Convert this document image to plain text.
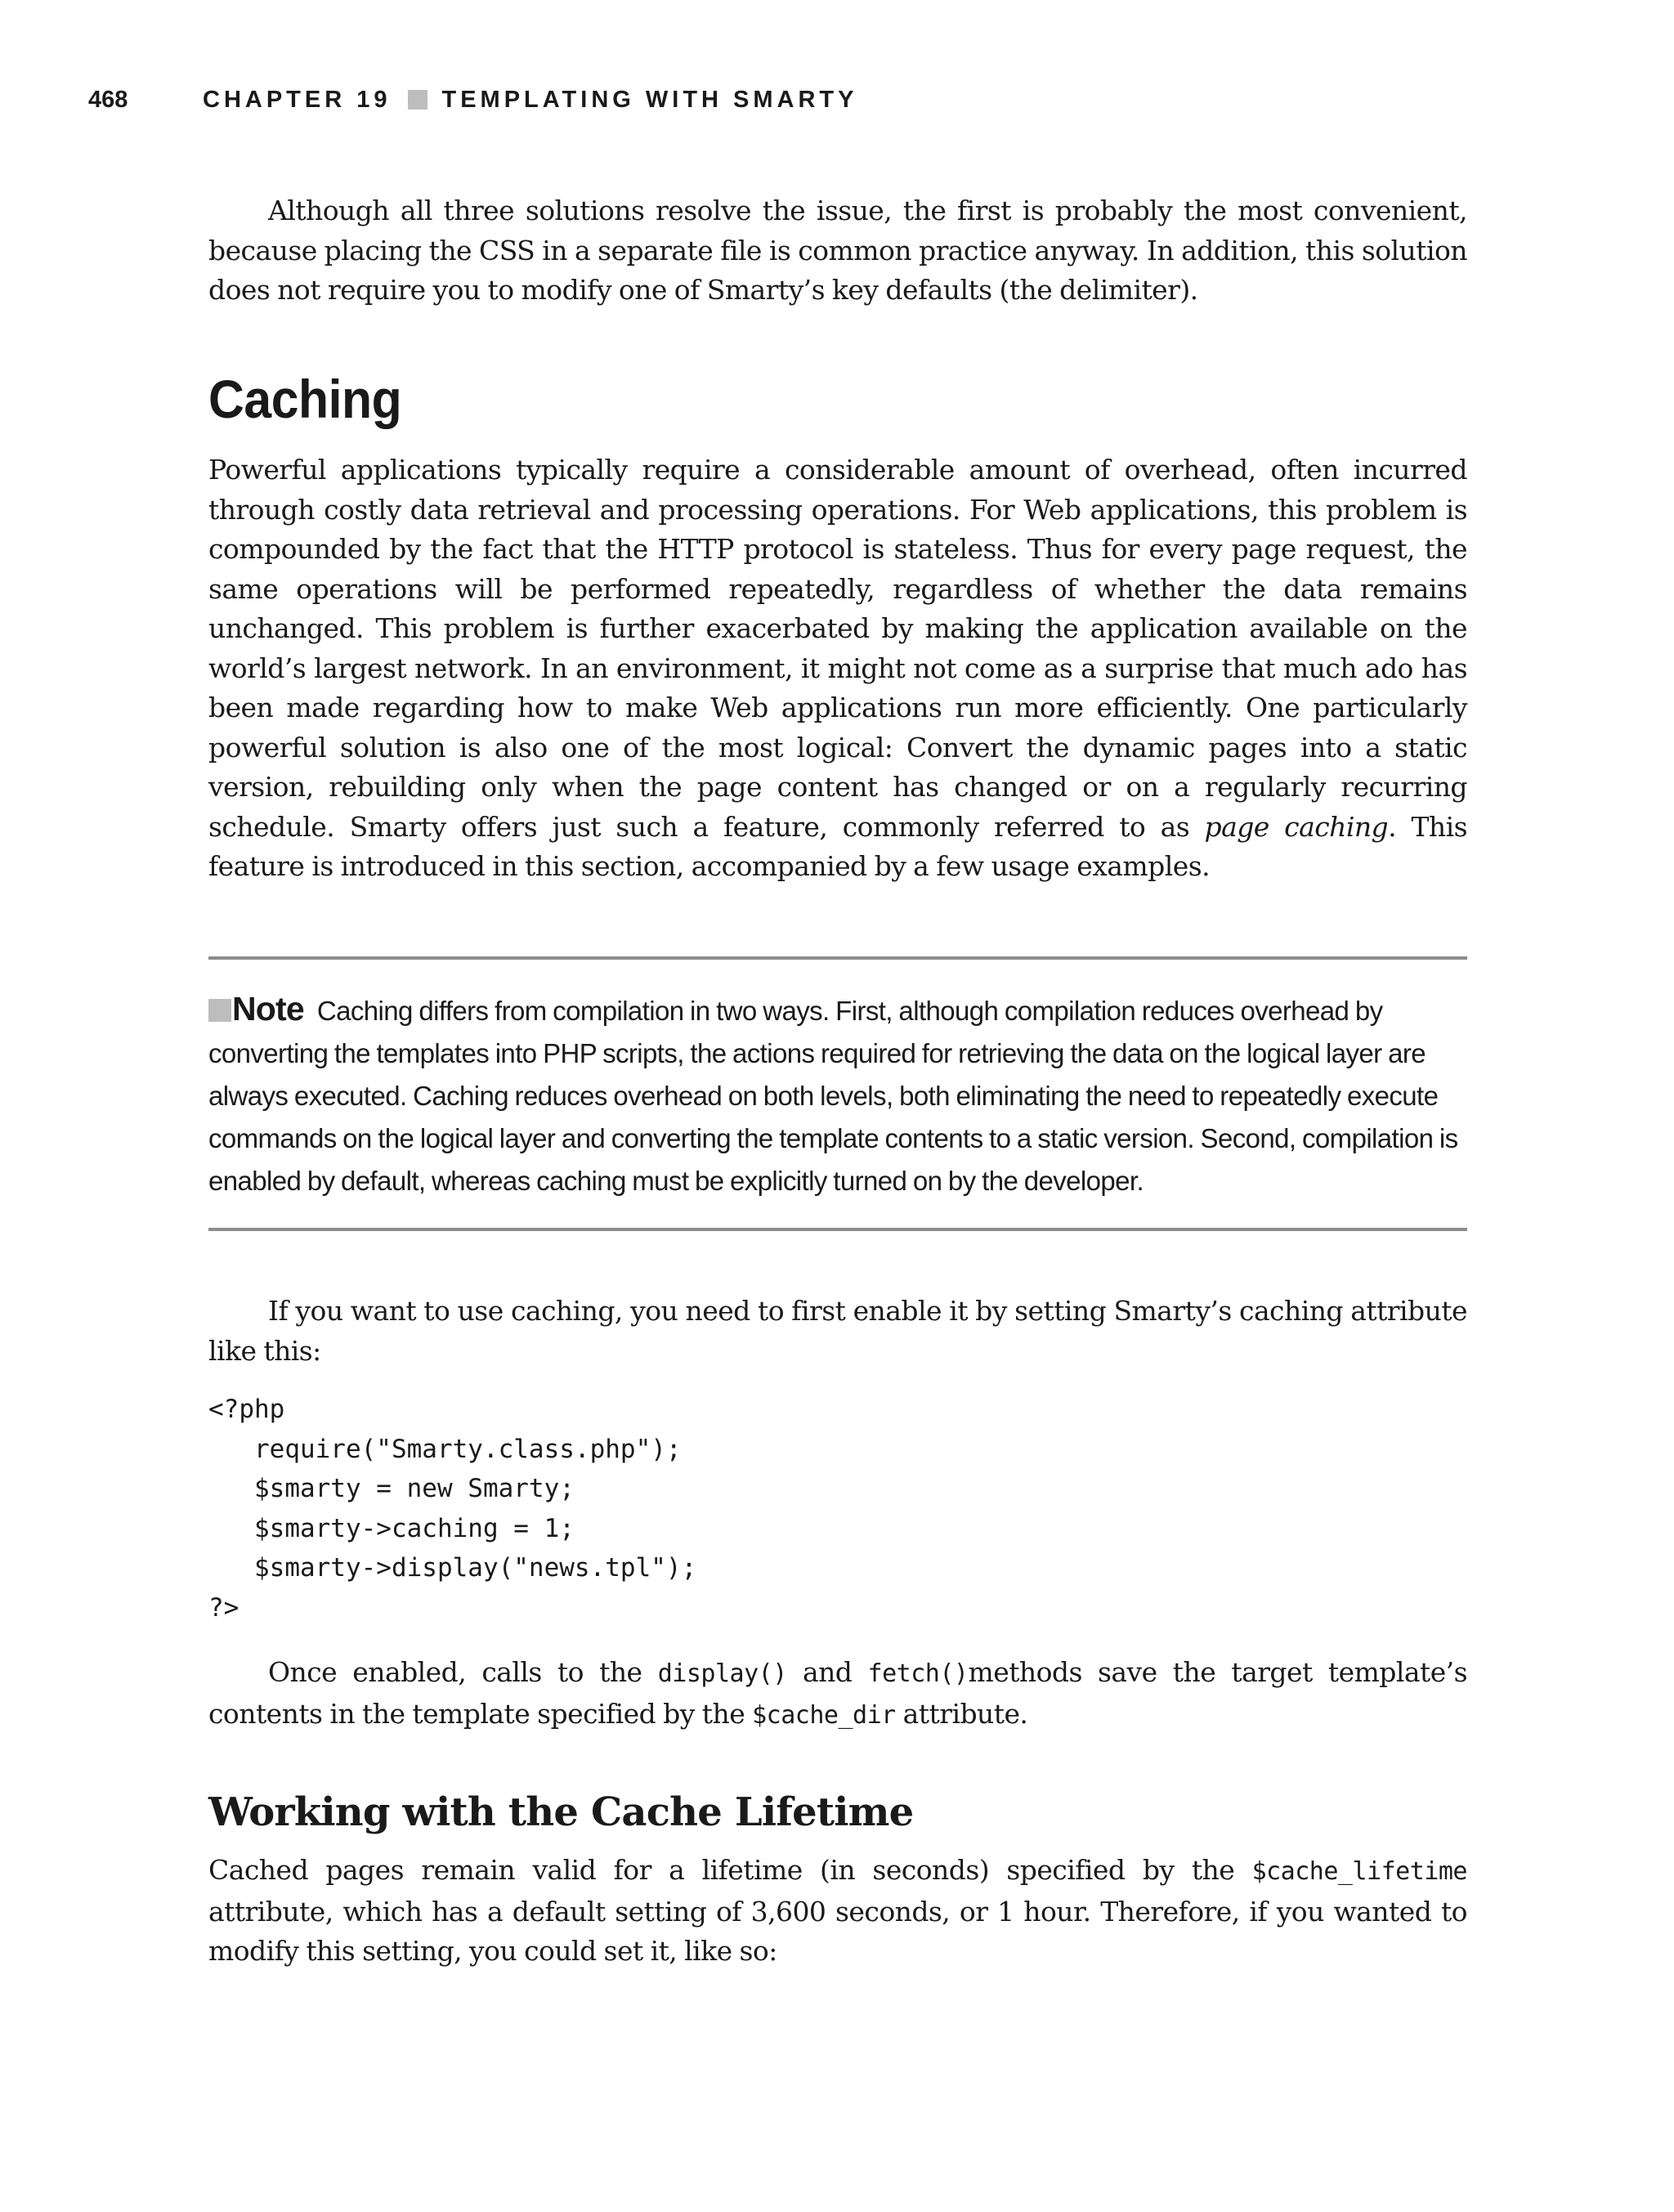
468	CHAPTER 19 TEMPLATING WITH SMARTY

Although all three solutions resolve the issue, the first is probably the most convenient, because placing the CSS in a separate file is common practice anyway. In addition, this solution does not require you to modify one of Smarty’s key defaults (the delimiter).

Caching

Powerful applications typically require a considerable amount of overhead, often incurred through costly data retrieval and processing operations. For Web applications, this problem is compounded by the fact that the HTTP protocol is stateless. Thus for every page request, the same operations will be performed repeatedly, regardless of whether the data remains unchanged. This problem is further exacerbated by making the application available on the world’s largest network. In an environment, it might not come as a surprise that much ado has been made regarding how to make Web applications run more efficiently. One particularly powerful solution is also one of the most logical: Convert the dynamic pages into a static version, rebuilding only when the page content has changed or on a regularly recurring schedule. Smarty offers just such a feature, commonly referred to as page caching. This feature is introduced in this section, accompanied by a few usage examples.

Note Caching differs from compilation in two ways. First, although compilation reduces overhead by converting the templates into PHP scripts, the actions required for retrieving the data on the logical layer are always executed. Caching reduces overhead on both levels, both eliminating the need to repeatedly execute commands on the logical layer and converting the template contents to a static version. Second, compilation is enabled by default, whereas caching must be explicitly turned on by the developer.

If you want to use caching, you need to first enable it by setting Smarty’s caching attribute like this:

<?php
require("Smarty.class.php");
$smarty = new Smarty;
$smarty->caching = 1;
$smarty->display("news.tpl");
?>

Once enabled, calls to the display() and fetch()methods save the target template’s contents in the template specified by the $cache_dir attribute.

Working with the Cache Lifetime

Cached pages remain valid for a lifetime (in seconds) specified by the $cache_lifetime attribute, which has a default setting of 3,600 seconds, or 1 hour. Therefore, if you wanted to modify this setting, you could set it, like so:
